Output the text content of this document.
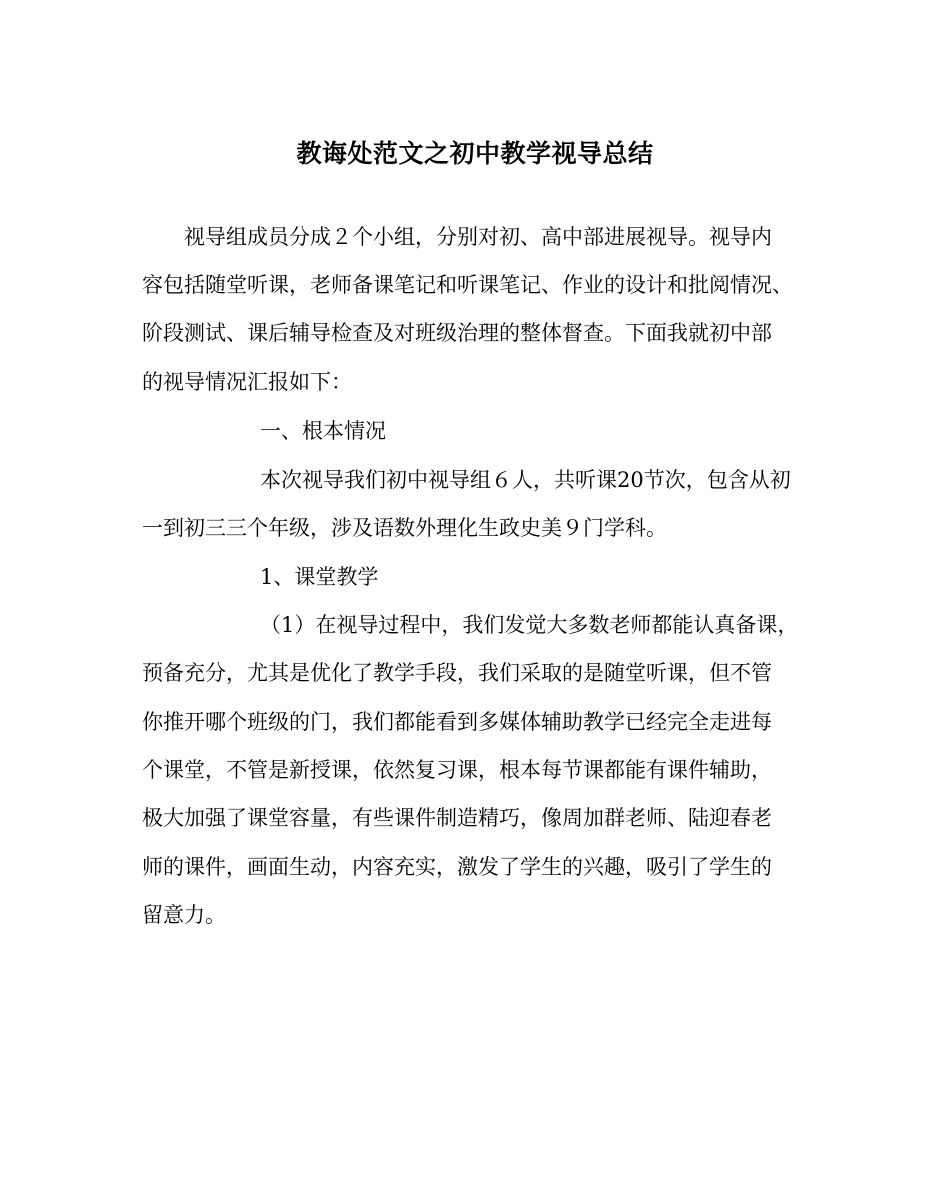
教诲处范文之初中教学视导总结
视导组成员分成２个小组，分别对初、高中部进展视导。视导内
容包括随堂听课，老师备课笔记和听课笔记、作业的设计和批阅情况、
阶段测试、课后辅导检查及对班级治理的整体督查。下面我就初中部
的视导情况汇报如下：
一、根本情况
本次视导我们初中视导组６人，共听课20节次，包含从初
一到初三三个年级，涉及语数外理化生政史美９门学科。
1、课堂教学
（1）在视导过程中，我们发觉大多数老师都能认真备课，
预备充分，尤其是优化了教学手段，我们采取的是随堂听课，但不管
你推开哪个班级的门，我们都能看到多媒体辅助教学已经完全走进每
个课堂，不管是新授课，依然复习课，根本每节课都能有课件辅助，
极大加强了课堂容量，有些课件制造精巧，像周加群老师、陆迎春老
师的课件，画面生动，内容充实，激发了学生的兴趣，吸引了学生的
留意力。
